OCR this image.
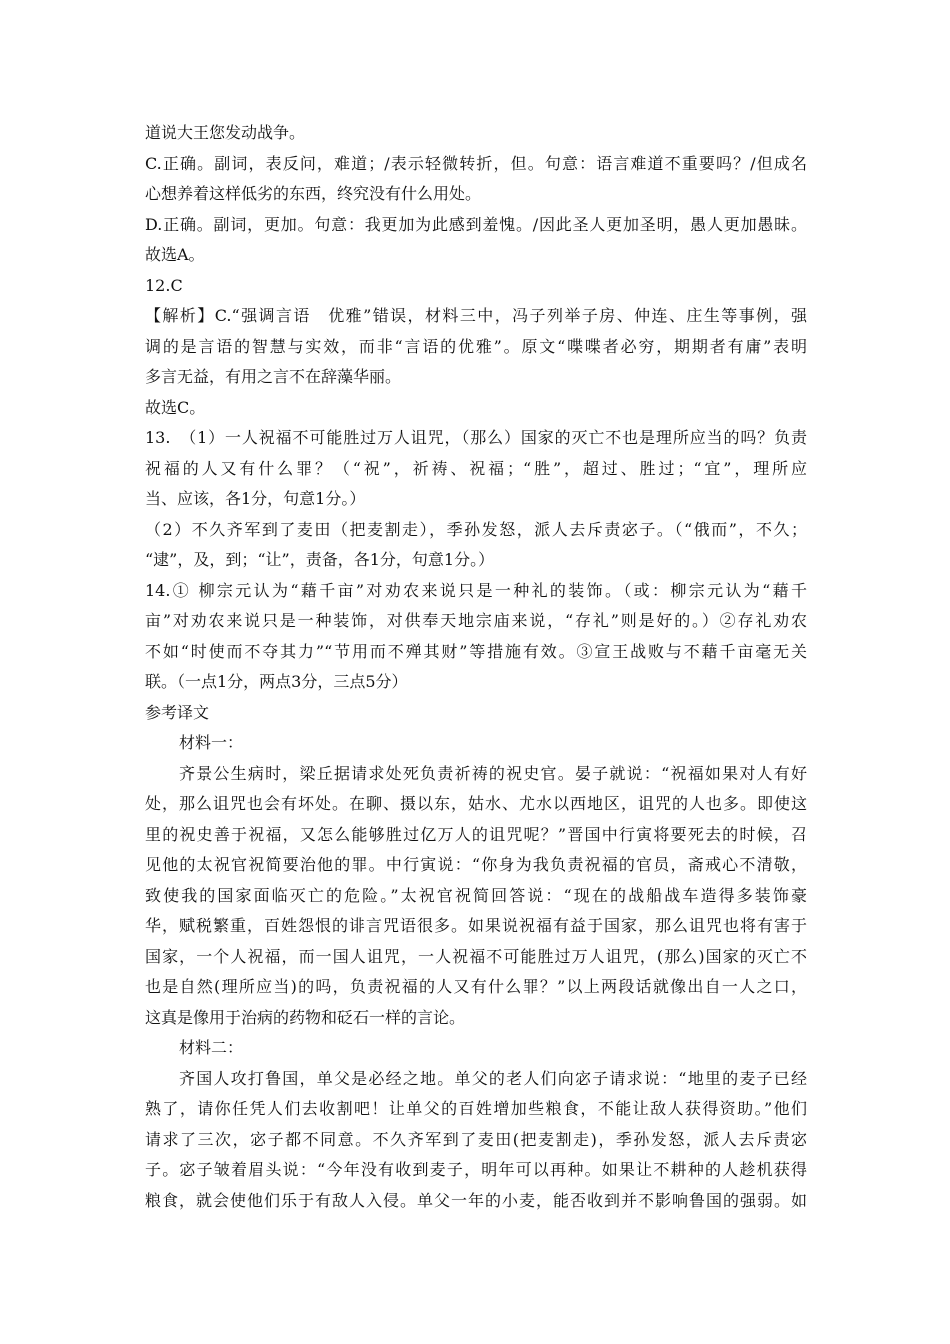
道说大王您发动战争。
C.正确。副词，表反问，难道；/表示轻微转折，但。句意：语言难道不重要吗？/但成名
心想养着这样低劣的东西，终究没有什么用处。
D.正确。副词，更加。句意：我更加为此感到羞愧。/因此圣人更加圣明，愚人更加愚昧。
故选A。
12.C
【解析】C.“强调言语　优雅”错误，材料三中，冯子列举子房、仲连、庄生等事例，强
调的是言语的智慧与实效，而非“言语的优雅”。原文“喋喋者必穷，期期者有庸”表明
多言无益，有用之言不在辞藻华丽。
故选C。
13.　（1）一人祝福不可能胜过万人诅咒，（那么）国家的灭亡不也是理所应当的吗？负责
祝福的人又有什么罪？（“祝”，祈祷、祝福；“胜”，超过、胜过；“宜”，理所应
当、应该，各1分，句意1分。）
（2）不久齐军到了麦田（把麦割走），季孙发怒，派人去斥责宓子。（“俄而”，不久；
“逮”，及，到；“让”，责备，各1分，句意1分。）
14.① 柳宗元认为“藉千亩”对劝农来说只是一种礼的装饰。（或：柳宗元认为“藉千
亩”对劝农来说只是一种装饰，对供奉天地宗庙来说，“存礼”则是好的。）②存礼劝农
不如“时使而不夺其力”“节用而不殚其财”等措施有效。③宣王战败与不藉千亩毫无关
联。（一点1分，两点3分，三点5分）
参考译文
材料一：
齐景公生病时，梁丘据请求处死负责祈祷的祝史官。晏子就说：“祝福如果对人有好
处，那么诅咒也会有坏处。在聊、摄以东，姑水、尤水以西地区，诅咒的人也多。即使这
里的祝史善于祝福，又怎么能够胜过亿万人的诅咒呢？”晋国中行寅将要死去的时候，召
见他的太祝官祝简要治他的罪。中行寅说：“你身为我负责祝福的官员，斋戒心不清敬，
致使我的国家面临灭亡的危险。”太祝官祝简回答说：“现在的战船战车造得多装饰豪
华，赋税繁重，百姓怨恨的诽言咒语很多。如果说祝福有益于国家，那么诅咒也将有害于
国家，一个人祝福，而一国人诅咒，一人祝福不可能胜过万人诅咒，(那么)国家的灭亡不
也是自然(理所应当)的吗，负责祝福的人又有什么罪？”以上两段话就像出自一人之口，
这真是像用于治病的药物和砭石一样的言论。
材料二：
齐国人攻打鲁国，单父是必经之地。单父的老人们向宓子请求说：“地里的麦子已经
熟了，请你任凭人们去收割吧！让单父的百姓增加些粮食，不能让敌人获得资助。”他们
请求了三次，宓子都不同意。不久齐军到了麦田(把麦割走)，季孙发怒，派人去斥责宓
子。宓子皱着眉头说：“今年没有收到麦子，明年可以再种。如果让不耕种的人趁机获得
粮食，就会使他们乐于有敌人入侵。单父一年的小麦，能否收到并不影响鲁国的强弱。如
